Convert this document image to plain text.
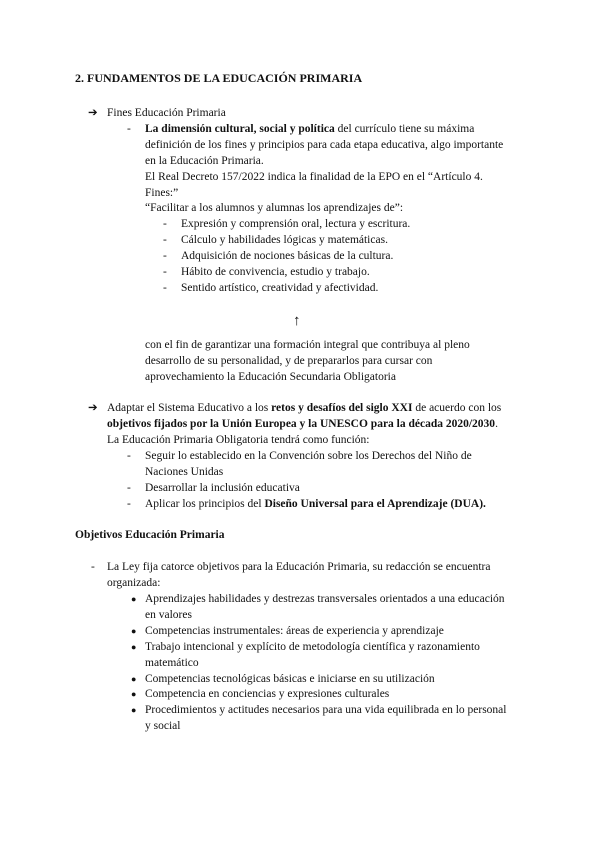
2. FUNDAMENTOS DE LA EDUCACIÓN PRIMARIA
➔ Fines Educación Primaria
- La dimensión cultural, social y política del currículo tiene su máxima
definición de los fines y principios para cada etapa educativa, algo importante
en la Educación Primaria.
El Real Decreto 157/2022 indica la finalidad de la EPO en el “Artículo 4.
Fines:”
“Facilitar a los alumnos y alumnas los aprendizajes de”:
- Expresión y comprensión oral, lectura y escritura.
- Cálculo y habilidades lógicas y matemáticas.
- Adquisición de nociones básicas de la cultura.
- Hábito de convivencia, estudio y trabajo.
- Sentido artístico, creatividad y afectividad.
↑
con el fin de garantizar una formación integral que contribuya al pleno
desarrollo de su personalidad, y de prepararlos para cursar con
aprovechamiento la Educación Secundaria Obligatoria
➔ Adaptar el Sistema Educativo a los retos y desafíos del siglo XXI de acuerdo con los
objetivos fijados por la Unión Europea y la UNESCO para la década 2020/2030.
La Educación Primaria Obligatoria tendrá como función:
- Seguir lo establecido en la Convención sobre los Derechos del Niño de
Naciones Unidas
- Desarrollar la inclusión educativa
- Aplicar los principios del Diseño Universal para el Aprendizaje (DUA).
Objetivos Educación Primaria
- La Ley fija catorce objetivos para la Educación Primaria, su redacción se encuentra
organizada:
● Aprendizajes habilidades y destrezas transversales orientados a una educación
en valores
● Competencias instrumentales: áreas de experiencia y aprendizaje
● Trabajo intencional y explícito de metodología científica y razonamiento
matemático
● Competencias tecnológicas básicas e iniciarse en su utilización
● Competencia en conciencias y expresiones culturales
● Procedimientos y actitudes necesarios para una vida equilibrada en lo personal
y social
